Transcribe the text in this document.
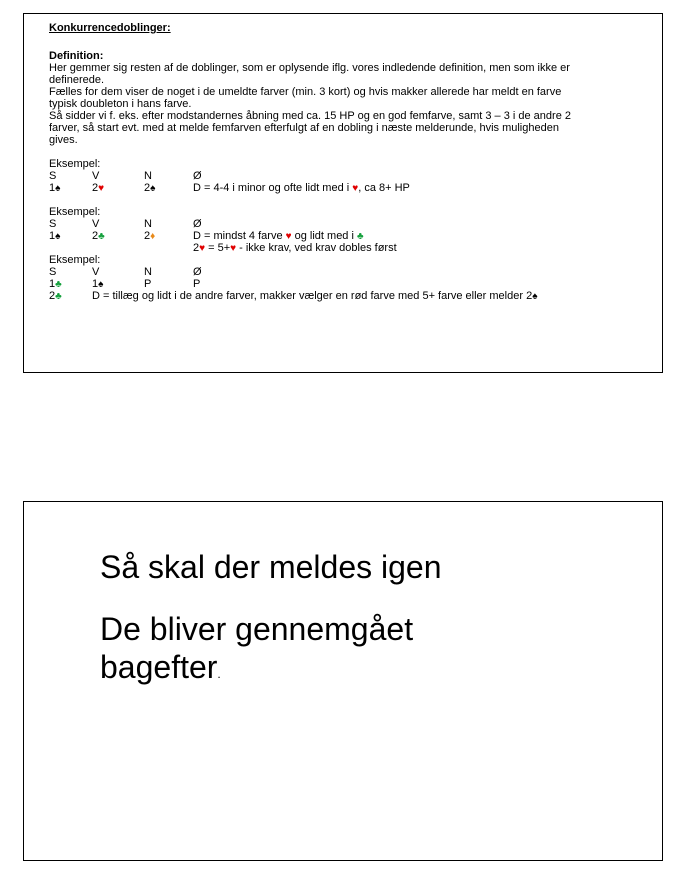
Konkurrencedoblinger:
Definition:
Her gemmer sig resten af de doblinger, som er oplysende iflg. vores indledende definition, men som ikke er
definerede.
Fælles for dem viser de noget i de umeldte farver (min. 3 kort) og hvis makker allerede har meldt en farve
typisk doubleton i hans farve.
Så sidder vi f. eks. efter modstandernes åbning med ca. 15 HP og en god femfarve, samt 3 – 3 i de andre 2
farver, så start evt. med at melde femfarven efterfulgt af en dobling i næste melderunde, hvis muligheden
gives.
Eksempel:
S	V	N	Ø
1♠	2♥	2♠	D = 4-4 i minor og ofte lidt med i ♥, ca 8+ HP
Eksempel:
S	V	N	Ø
1♠	2♣	2♦	D = mindst 4 farve ♥ og lidt med i ♣
2♥ = 5+♥ - ikke krav, ved krav dobles først
Eksempel:
S	V	N	Ø
1♣	1♠	P	P
2♣	D = tillæg og lidt i de andre farver, makker vælger en rød farve med 5+ farve eller melder 2♠

Så skal der meldes igen

De bliver gennemgået

bagefter.
